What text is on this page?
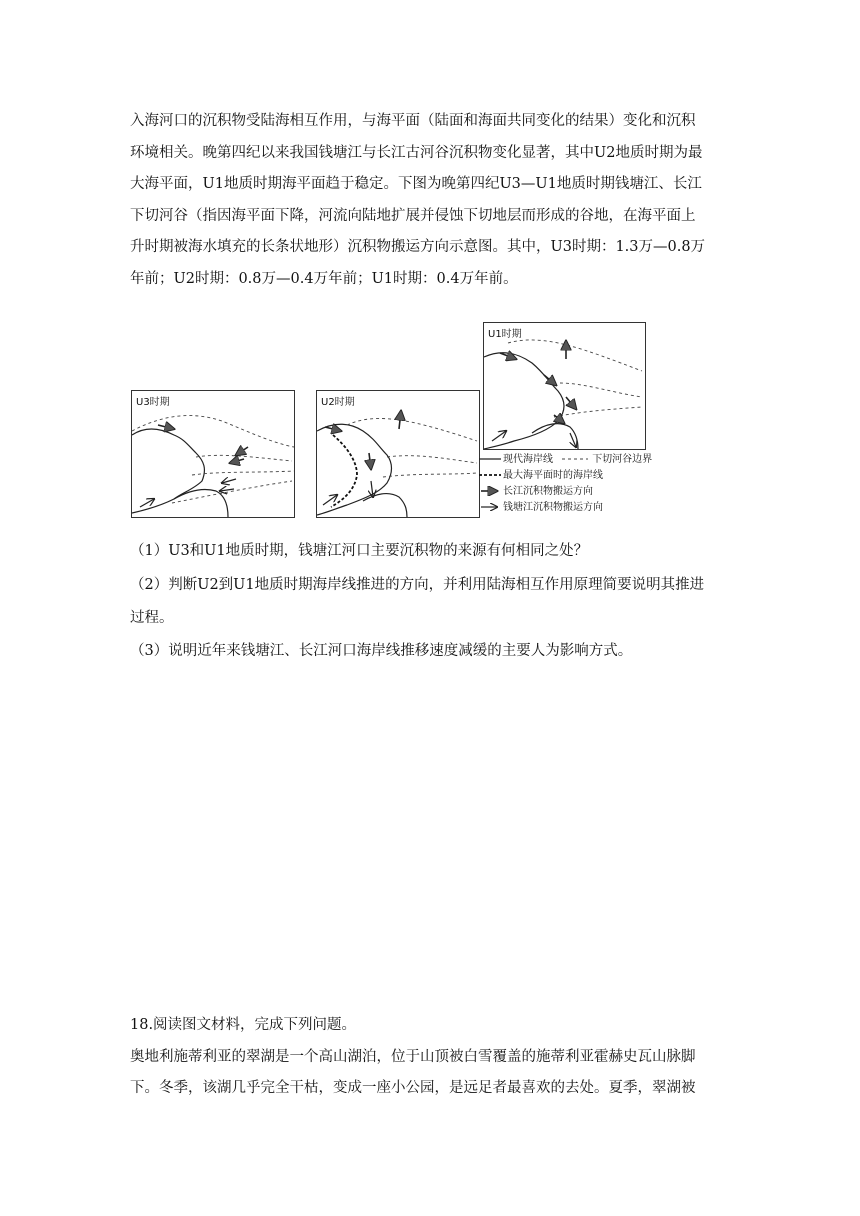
入海河口的沉积物受陆海相互作用，与海平面（陆面和海面共同变化的结果）变化和沉积
环境相关。晚第四纪以来我国钱塘江与长江古河谷沉积物变化显著，其中U2地质时期为最
大海平面，U1地质时期海平面趋于稳定。下图为晚第四纪U3—U1地质时期钱塘江、长江
下切河谷（指因海平面下降，河流向陆地扩展并侵蚀下切地层而形成的谷地，在海平面上
升时期被海水填充的长条状地形）沉积物搬运方向示意图。其中，U3时期：1.3万—0.8万
年前；U2时期：0.8万—0.4万年前；U1时期：0.4万年前。
U3时期	U2时期
U1时期
现代海岸线	下切河谷边界
最大海平面时的海岸线
长江沉积物搬运方向
钱塘江沉积物搬运方向
（1）U3和U1地质时期，钱塘江河口主要沉积物的来源有何相同之处？
（2）判断U2到U1地质时期海岸线推进的方向，并利用陆海相互作用原理简要说明其推进
过程。
（3）说明近年来钱塘江、长江河口海岸线推移速度减缓的主要人为影响方式。
18.阅读图文材料，完成下列问题。
奥地利施蒂利亚的翠湖是一个高山湖泊，位于山顶被白雪覆盖的施蒂利亚霍赫史瓦山脉脚
下。冬季，该湖几乎完全干枯，变成一座小公园，是远足者最喜欢的去处。夏季，翠湖被
